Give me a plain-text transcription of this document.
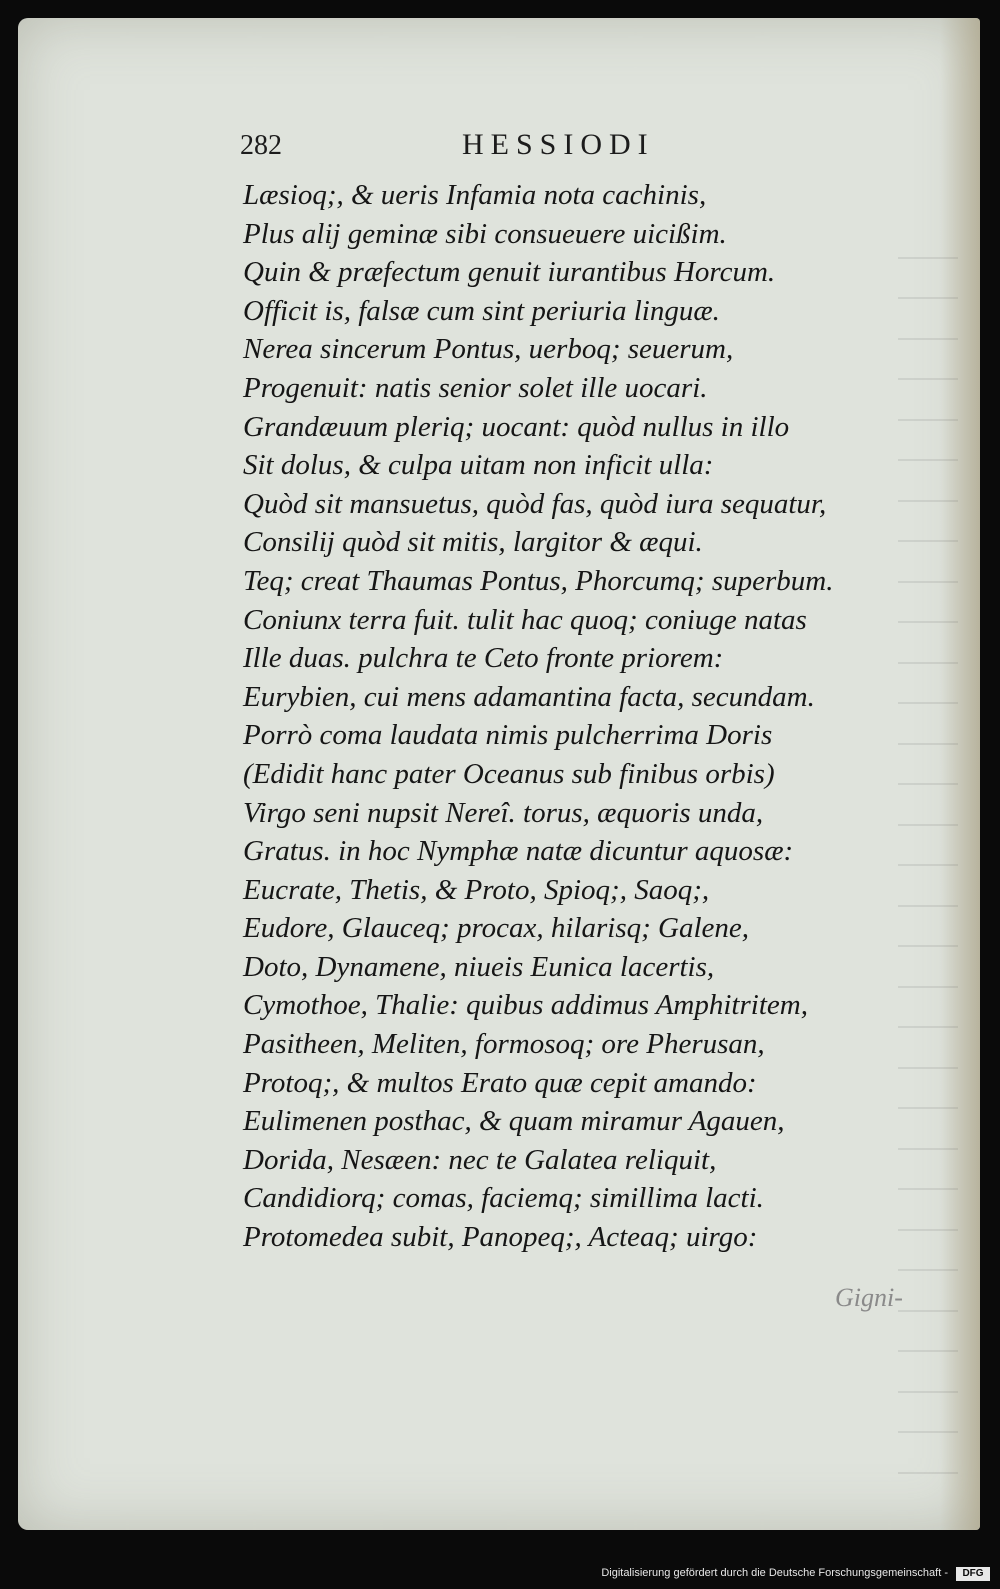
282	HESSIODI
Læsioq;, & ueris Infamia nota cachinis,
Plus alij geminæ sibi consueuere uicißim.
Quin & præfectum genuit iurantibus Horcum.
Officit is, falsæ cum sint periuria linguæ.
Nerea sincerum Pontus, uerboq; seuerum,
Progenuit: natis senior solet ille uocari.
Grandæuum pleriq; uocant: quòd nullus in illo
Sit dolus, & culpa uitam non inficit ulla:
Quòd sit mansuetus, quòd fas, quòd iura sequatur,
Consilij quòd sit mitis, largitor & æqui.
Teq; creat Thaumas Pontus, Phorcumq; superbum.
Coniunx terra fuit. tulit hac quoq; coniuge natas
Ille duas. pulchra te Ceto fronte priorem:
Eurybien, cui mens adamantina facta, secundam.
Porrò coma laudata nimis pulcherrima Doris
(Edidit hanc pater Oceanus sub finibus orbis)
Virgo seni nupsit Nereî. torus, æquoris unda,
Gratus. in hoc Nymphæ natæ dicuntur aquosæ:
Eucrate, Thetis, & Proto, Spioq;, Saoq;,
Eudore, Glauceq; procax, hilarisq; Galene,
Doto, Dynamene, niueis Eunica lacertis,
Cymothoe, Thalie: quibus addimus Amphitritem,
Pasitheen, Meliten, formosoq; ore Pherusan,
Protoq;, & multos Erato quæ cepit amando:
Eulimenen posthac, & quam miramur Agauen,
Dorida, Nesæen: nec te Galatea reliquit,
Candidiorq; comas, faciemq; simillima lacti.
Protomedea subit, Panopeq;, Acteaq; uirgo:
Gigni-
Digitalisierung gefördert durch die Deutsche Forschungsgemeinschaft -	DFG
